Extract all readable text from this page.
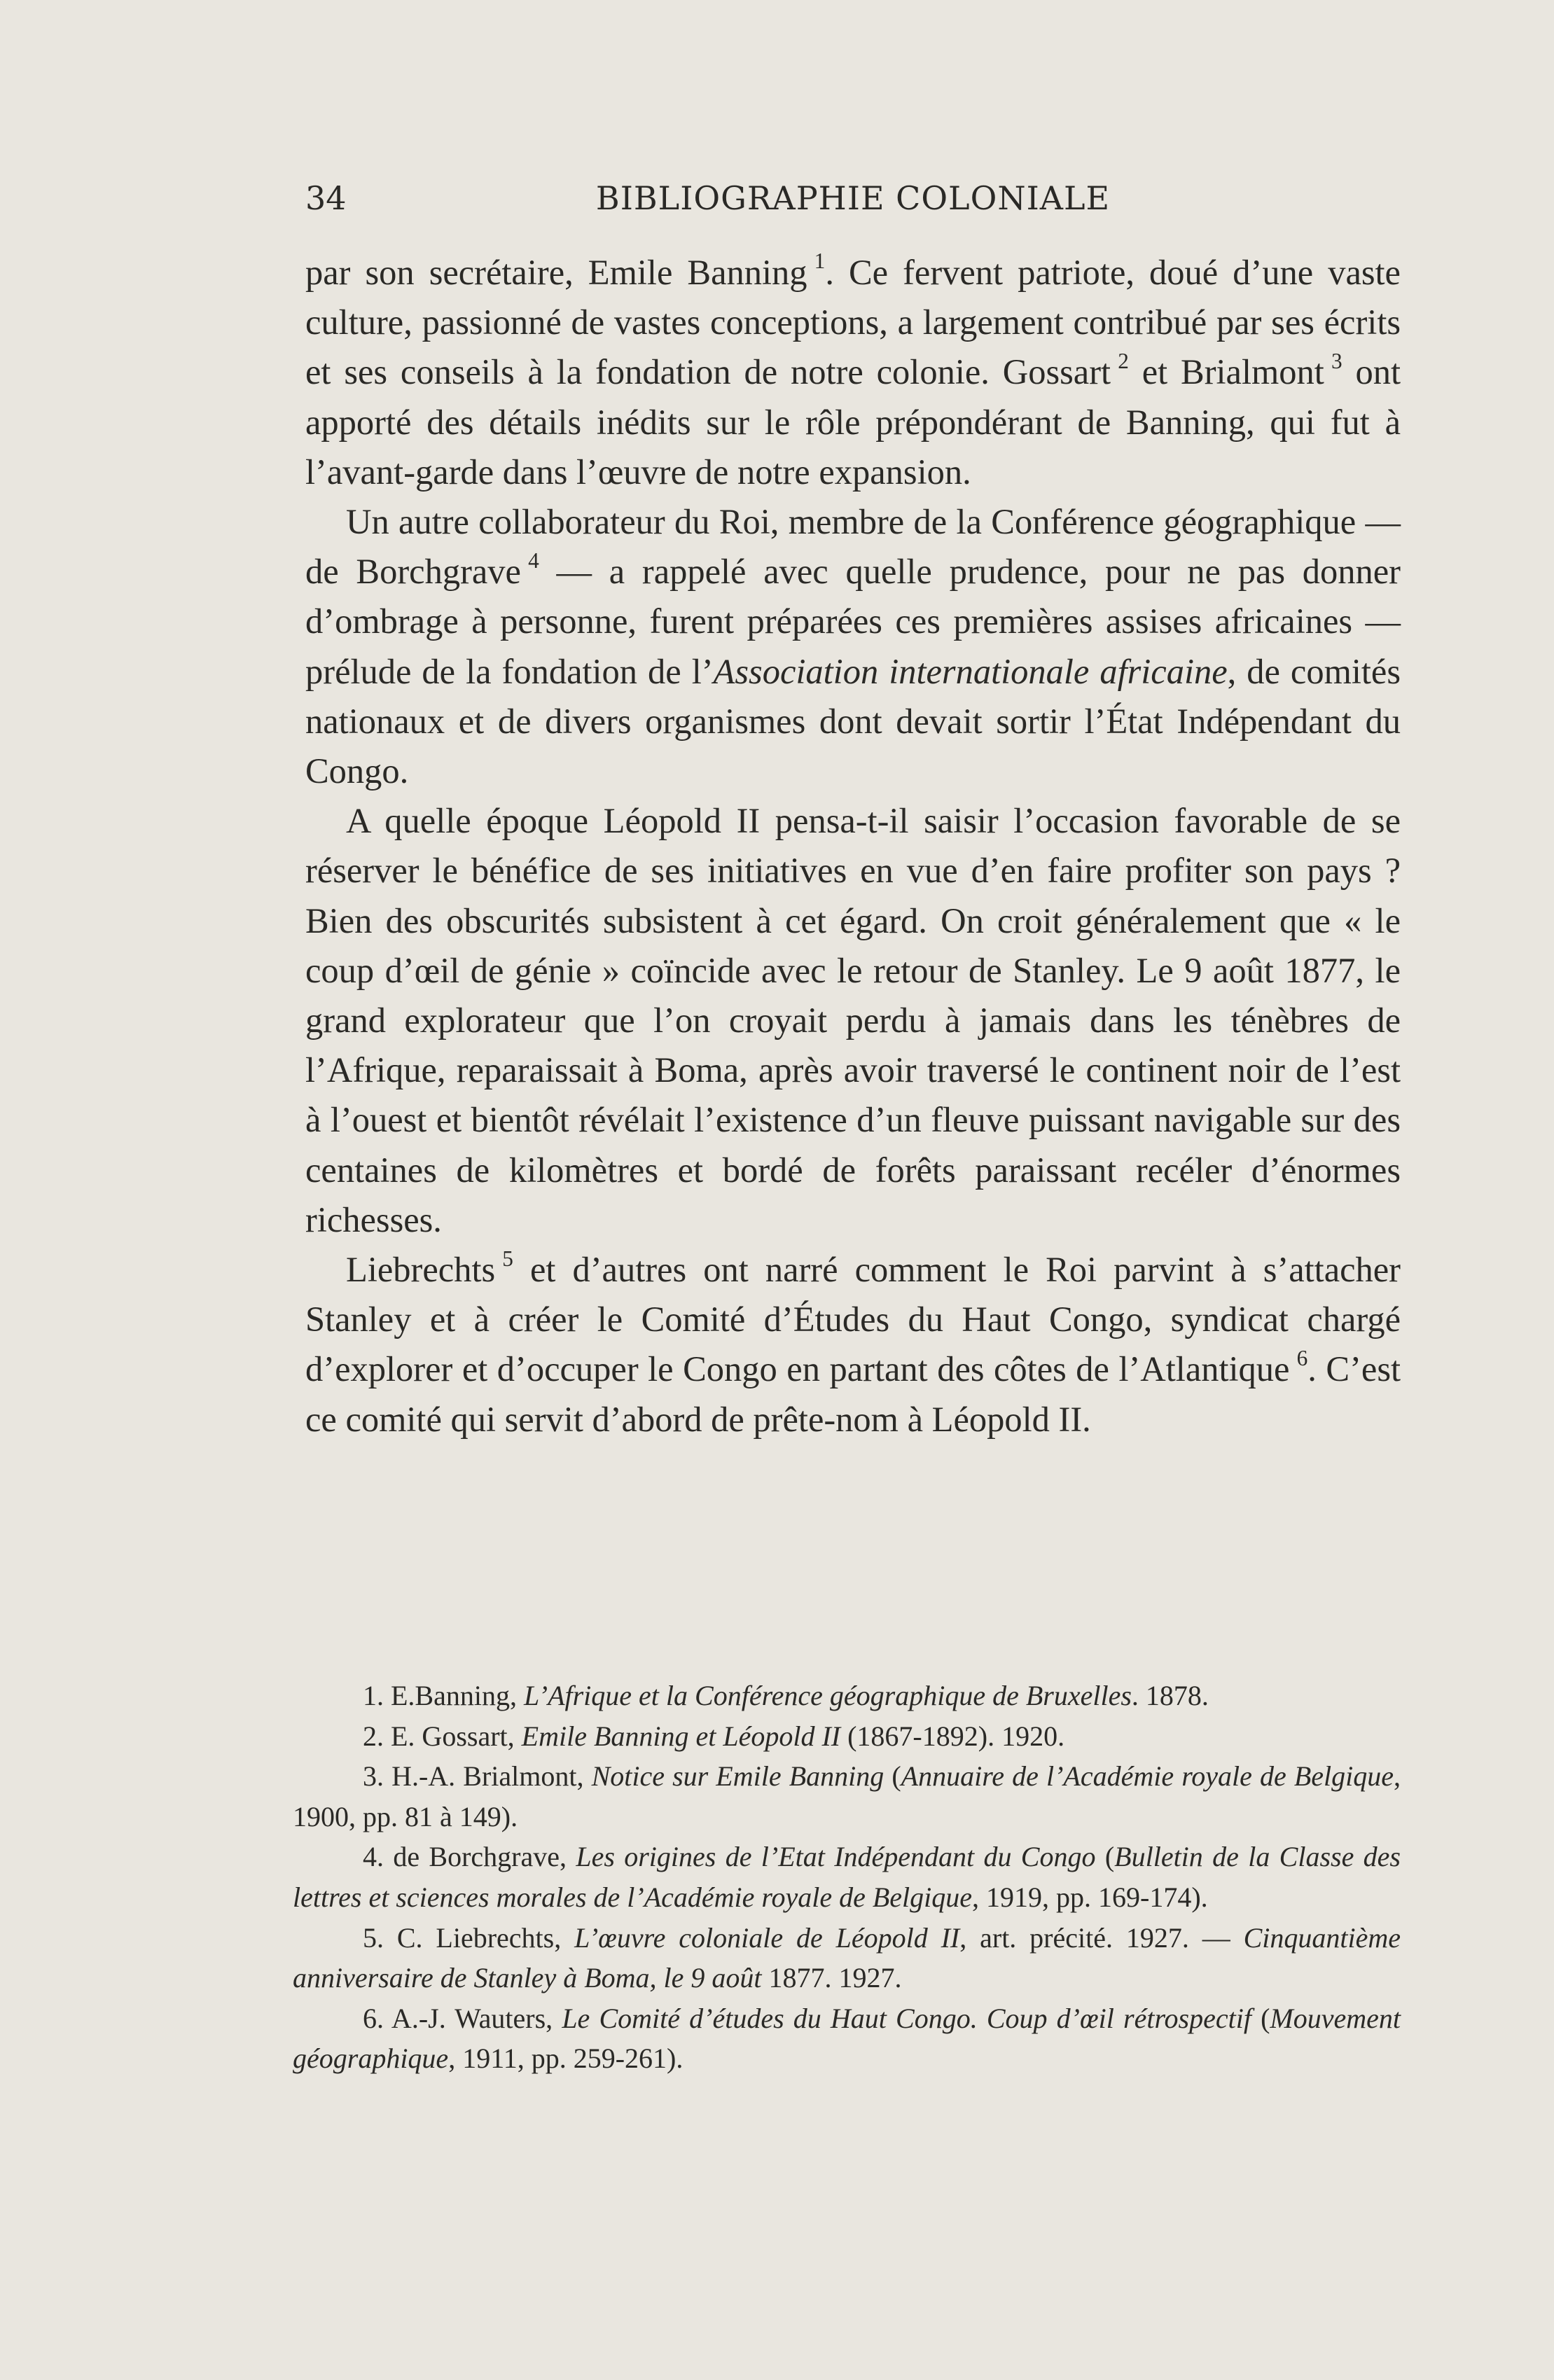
34	BIBLIOGRAPHIE COLONIALE

par son secrétaire, Emile Banning  $^1$. Ce fervent patriote, doué d’une vaste culture, passionné de vastes conceptions, a largement contribué par ses écrits et ses conseils à la fondation de notre colonie. Gossart  $^2$ et Brialmont  $^3$ ont apporté des détails inédits sur le rôle prépondérant de Banning, qui fut à l’avant-garde dans l’œuvre de notre expansion.

Un autre collaborateur du Roi, membre de la Conférence géographique — de Borchgrave  $^4$ — a rappelé avec quelle prudence, pour ne pas donner d’ombrage à personne, furent préparées ces premières assises africaines — prélude de la fondation de l’Association internationale africaine, de comités nationaux et de divers organismes dont devait sortir l’État Indépendant du Congo.

A quelle époque Léopold II pensa-t-il saisir l’occasion favorable de se réserver le bénéfice de ses initiatives en vue d’en faire profiter son pays ? Bien des obscurités subsistent à cet égard. On croit généralement que « le coup d’œil de génie » coïncide avec le retour de Stanley. Le 9 août 1877, le grand explorateur que l’on croyait perdu à jamais dans les ténèbres de l’Afrique, reparaissait à Boma, après avoir traversé le continent noir de l’est à l’ouest et bientôt révélait l’existence d’un fleuve puissant navigable sur des centaines de kilomètres et bordé de forêts paraissant recéler d’énormes richesses.

Liebrechts  $^5$ et d’autres ont narré comment le Roi parvint à s’attacher Stanley et à créer le Comité d’Études du Haut Congo, syndicat chargé d’explorer et d’occuper le Congo en partant des côtes de l’Atlantique  $^6$. C’est ce comité qui servit d’abord de prête-nom à Léopold II.

1. E.Banning, L’Afrique et la Conférence géographique de Bruxelles. 1878.

2. E. Gossart, Emile Banning et Léopold II (1867-1892). 1920.

3. H.-A. Brialmont, Notice sur Emile Banning (Annuaire de l’Académie royale de Belgique, 1900, pp. 81 à 149).

4. de Borchgrave, Les origines de l’Etat Indépendant du Congo (Bulletin de la Classe des lettres et sciences morales de l’Académie royale de Belgique, 1919, pp. 169-174).

5. C. Liebrechts, L’œuvre coloniale de Léopold II, art. précité. 1927. — Cinquantième anniversaire de Stanley à Boma, le 9 août 1877. 1927.

6. A.-J. Wauters, Le Comité d’études du Haut Congo. Coup d’œil rétrospectif (Mouvement géographique, 1911, pp. 259-261).
